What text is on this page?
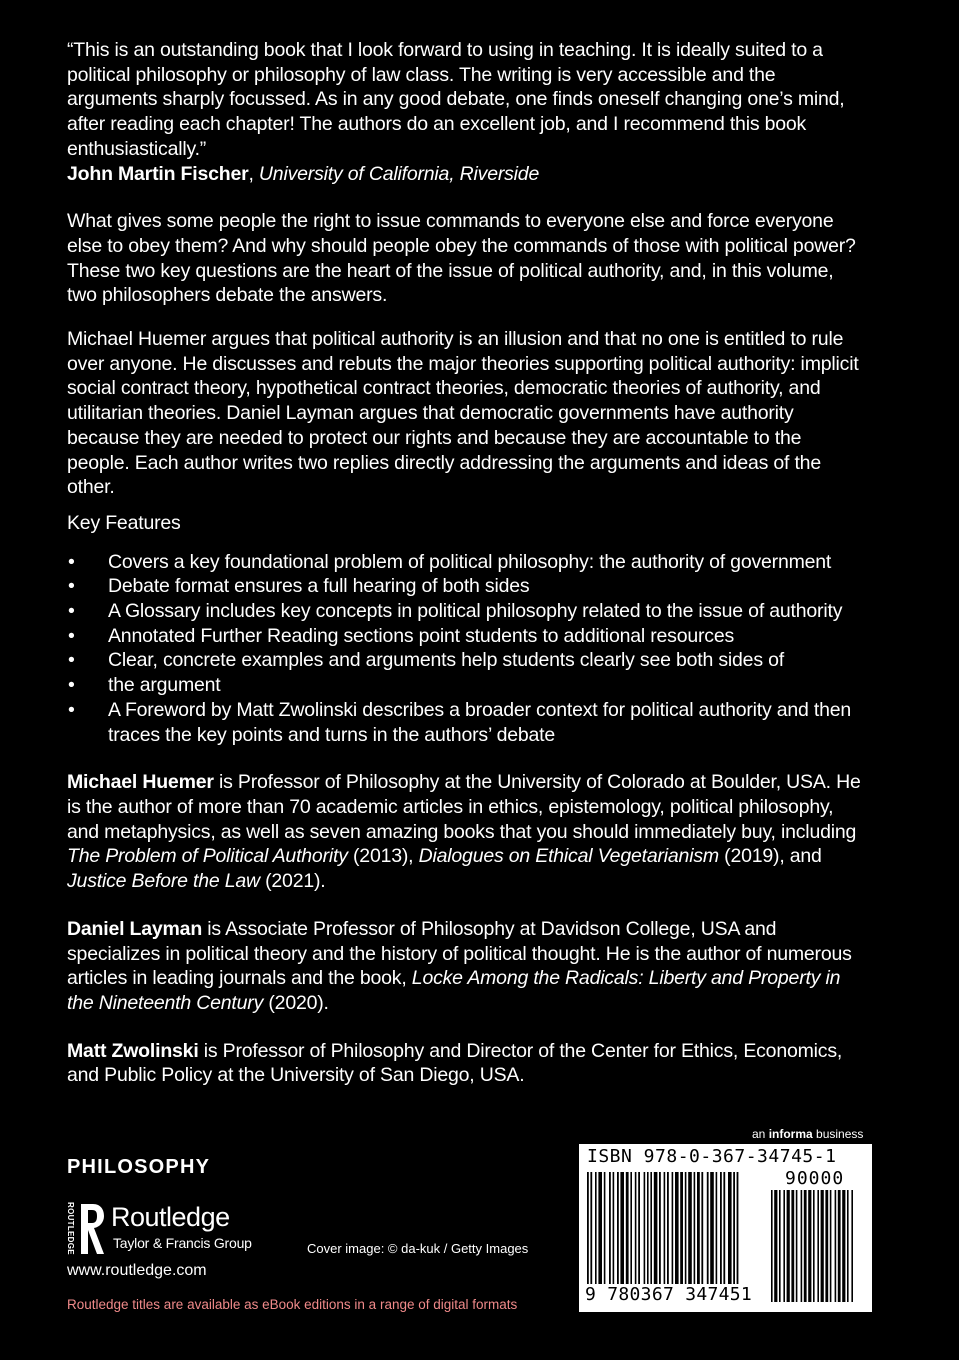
“This is an outstanding book that I look forward to using in teaching. It is ideally suited to a political philosophy or philosophy of law class. The writing is very accessible and the arguments sharply focussed. As in any good debate, one finds oneself changing one’s mind, after reading each chapter! The authors do an excellent job, and I recommend this book enthusiastically.”

John Martin Fischer, University of California, Riverside

What gives some people the right to issue commands to everyone else and force everyone else to obey them? And why should people obey the commands of those with political power? These two key questions are the heart of the issue of political authority, and, in this volume, two philosophers debate the answers.

Michael Huemer argues that political authority is an illusion and that no one is entitled to rule over anyone. He discusses and rebuts the major theories supporting political authority: implicit social contract theory, hypothetical contract theories, democratic theories of authority, and utilitarian theories. Daniel Layman argues that democratic governments have authority because they are needed to protect our rights and because they are accountable to the people. Each author writes two replies directly addressing the arguments and ideas of the other.

Key Features

• Covers a key foundational problem of political philosophy: the authority of government
• Debate format ensures a full hearing of both sides
• A Glossary includes key concepts in political philosophy related to the issue of authority
• Annotated Further Reading sections point students to additional resources
• Clear, concrete examples and arguments help students clearly see both sides of
• the argument
• A Foreword by Matt Zwolinski describes a broader context for political authority and then traces the key points and turns in the authors’ debate

Michael Huemer is Professor of Philosophy at the University of Colorado at Boulder, USA. He is the author of more than 70 academic articles in ethics, epistemology, political philosophy, and metaphysics, as well as seven amazing books that you should immediately buy, including The Problem of Political Authority (2013), Dialogues on Ethical Vegetarianism (2019), and Justice Before the Law (2021).

Daniel Layman is Associate Professor of Philosophy at Davidson College, USA and specializes in political theory and the history of political thought. He is the author of numerous articles in leading journals and the book, Locke Among the Radicals: Liberty and Property in the Nineteenth Century (2020).

Matt Zwolinski is Professor of Philosophy and Director of the Center for Ethics, Economics, and Public Policy at the University of San Diego, USA.

an informa business
PHILOSOPHY
ROUTLEDGE Routledge
Taylor & Francis Group
www.routledge.com
Cover image: © da-kuk / Getty Images
Routledge titles are available as eBook editions in a range of digital formats
ISBN 978-0-367-34745-1
90000
9 780367 347451
